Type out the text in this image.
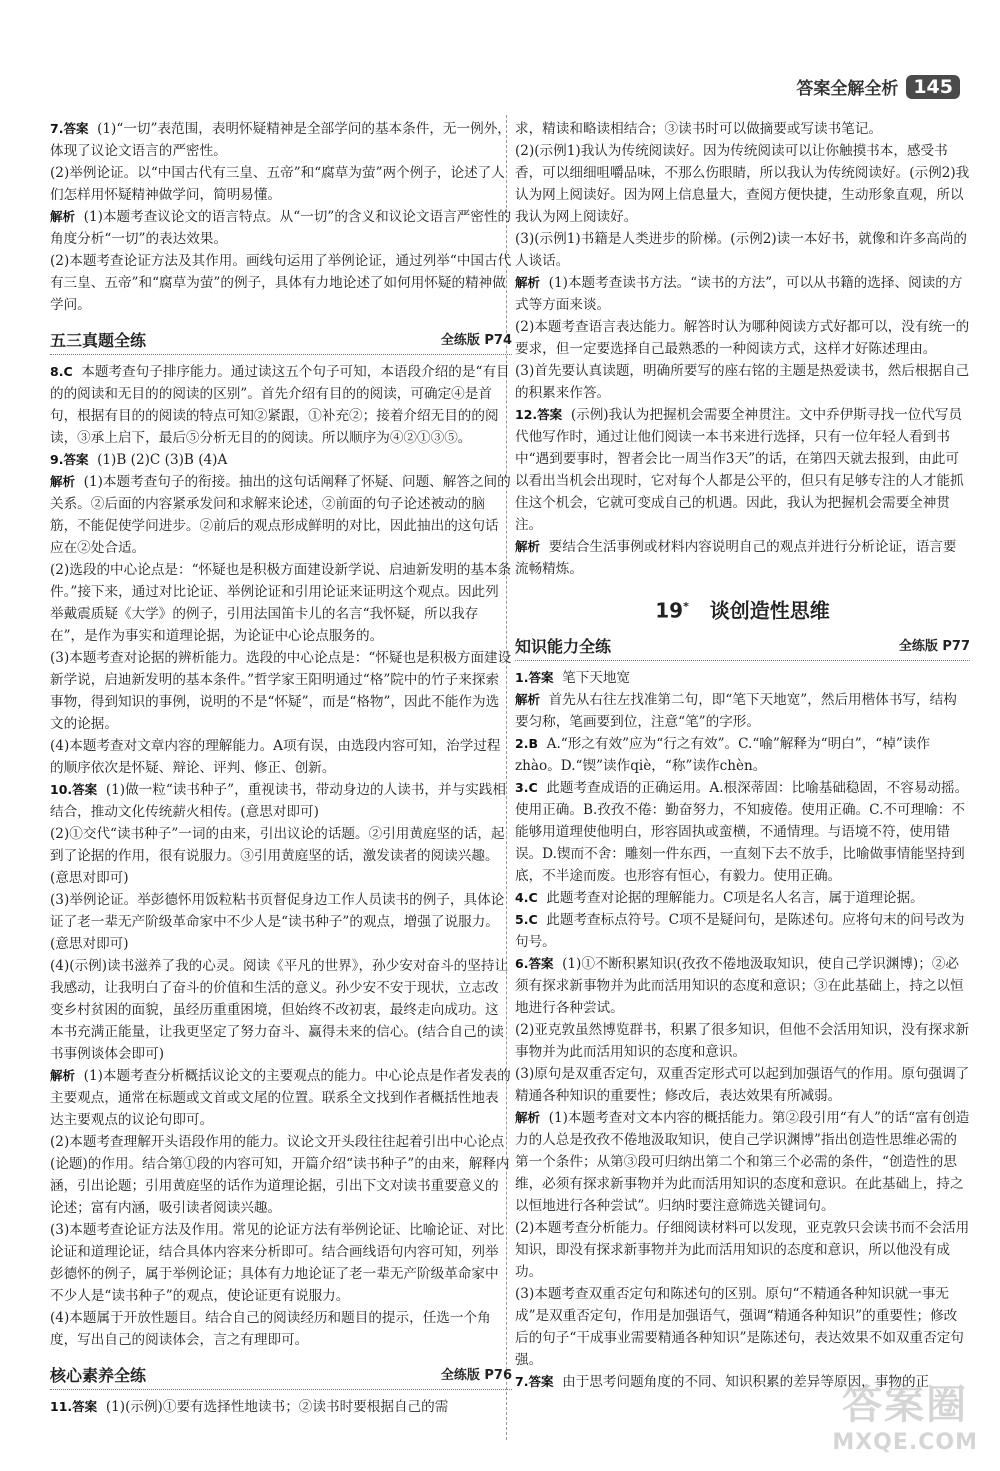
答案全解全析 145

7.答案 (1)“一切”表范围，表明怀疑精神是全部学问的基本条件，无一例外，体现了议论文语言的严密性。

(2)举例论证。以“中国古代有三皇、五帝”和“腐草为萤”两个例子，论述了人们怎样用怀疑精神做学问，简明易懂。

解析 (1)本题考查议论文的语言特点。从“一切”的含义和议论文语言严密性的角度分析“一切”的表达效果。

(2)本题考查论证方法及其作用。画线句运用了举例论证，通过列举“中国古代有三皇、五帝”和“腐草为萤”的例子，具体有力地论述了如何用怀疑的精神做学问。

五三真题全练	全练版 P74

8.C 本题考查句子排序能力。通过读这五个句子可知，本语段介绍的是“有目的的阅读和无目的的阅读的区别”。首先介绍有目的的阅读，可确定④是首句，根据有目的的阅读的特点可知②紧跟，①补充②；接着介绍无目的的阅读，③承上启下，最后⑤分析无目的的阅读。所以顺序为④②①③⑤。

9.答案 (1)B (2)C (3)B (4)A

解析 (1)本题考查句子的衔接。抽出的这句话阐释了怀疑、问题、解答之间的关系。②后面的内容紧承发问和求解来论述，②前面的句子论述被动的脑筋，不能促使学问进步。②前后的观点形成鲜明的对比，因此抽出的这句话应在②处合适。

(2)选段的中心论点是：“怀疑也是积极方面建设新学说、启迪新发明的基本条件。”接下来，通过对比论证、举例论证和引用论证来证明这个观点。因此列举戴震质疑《大学》的例子，引用法国笛卡儿的名言“我怀疑，所以我存在”，是作为事实和道理论据，为论证中心论点服务的。

(3)本题考查对论据的辨析能力。选段的中心论点是：“怀疑也是积极方面建设新学说，启迪新发明的基本条件。”哲学家王阳明通过“格”院中的竹子来探索事物，得到知识的事例，说明的不是“怀疑”，而是“格物”，因此不能作为选文的论据。

(4)本题考查对文章内容的理解能力。A项有误，由选段内容可知，治学过程的顺序依次是怀疑、辩论、评判、修正、创新。

10.答案 (1)做一粒“读书种子”，重视读书，带动身边的人读书，并与实践相结合，推动文化传统薪火相传。(意思对即可)

(2)①交代“读书种子”一词的由来，引出议论的话题。②引用黄庭坚的话，起到了论据的作用，很有说服力。③引用黄庭坚的话，激发读者的阅读兴趣。(意思对即可)

(3)举例论证。举彭德怀用饭粒粘书页督促身边工作人员读书的例子，具体论证了老一辈无产阶级革命家中不少人是“读书种子”的观点，增强了说服力。(意思对即可)

(4)(示例)读书滋养了我的心灵。阅读《平凡的世界》，孙少安对奋斗的坚持让我感动，让我明白了奋斗的价值和生活的意义。孙少安不安于现状，立志改变乡村贫困的面貌，虽经历重重困境，但始终不改初衷，最终走向成功。这本书充满正能量，让我更坚定了努力奋斗、赢得未来的信心。(结合自己的读书事例谈体会即可)

解析 (1)本题考查分析概括议论文的主要观点的能力。中心论点是作者发表的主要观点，通常在标题或文首或文尾的位置。联系全文找到作者概括性地表达主要观点的议论句即可。

(2)本题考查理解开头语段作用的能力。议论文开头段往往起着引出中心论点(论题)的作用。结合第①段的内容可知，开篇介绍“读书种子”的由来，解释内涵，引出论题；引用黄庭坚的话作为道理论据，引出下文对读书重要意义的论述；富有内涵，吸引读者阅读兴趣。

(3)本题考查论证方法及作用。常见的论证方法有举例论证、比喻论证、对比论证和道理论证，结合具体内容来分析即可。结合画线语句内容可知，列举彭德怀的例子，属于举例论证；具体有力地论证了老一辈无产阶级革命家中不少人是“读书种子”的观点，使论证更有说服力。

(4)本题属于开放性题目。结合自己的阅读经历和题目的提示，任选一个角度，写出自己的阅读体会，言之有理即可。

核心素养全练	全练版 P76

11.答案 (1)(示例)①要有选择性地读书；②读书时要根据自己的需

求，精读和略读相结合；③读书时可以做摘要或写读书笔记。

(2)(示例1)我认为传统阅读好。因为传统阅读可以让你触摸书本，感受书香，可以细细咀嚼品味，不那么伤眼睛，所以我认为传统阅读好。(示例2)我认为网上阅读好。因为网上信息量大，查阅方便快捷，生动形象直观，所以我认为网上阅读好。

(3)(示例1)书籍是人类进步的阶梯。(示例2)读一本好书，就像和许多高尚的人谈话。

解析 (1)本题考查读书方法。“读书的方法”，可以从书籍的选择、阅读的方式等方面来谈。

(2)本题考查语言表达能力。解答时认为哪种阅读方式好都可以，没有统一的要求，但一定要选择自己最熟悉的一种阅读方式，这样才好陈述理由。

(3)首先要认真读题，明确所要写的座右铭的主题是热爱读书，然后根据自己的积累来作答。

12.答案 (示例)我认为把握机会需要全神贯注。文中乔伊斯寻找一位代写员代他写作时，通过让他们阅读一本书来进行选择，只有一位年轻人看到书中“遇到要事时，智者会比一周当作3天”的话，在第四天就去报到，由此可以看出当机会出现时，它对每个人都是公平的，但只有足够专注的人才能抓住这个机会，它就可变成自己的机遇。因此，我认为把握机会需要全神贯注。

解析 要结合生活事例或材料内容说明自己的观点并进行分析论证，语言要流畅精炼。

19* 谈创造性思维
知识能力全练	全练版 P77

1.答案 笔下天地宽

解析 首先从右往左找准第二句，即“笔下天地宽”，然后用楷体书写，结构要匀称，笔画要到位，注意“笔”的字形。

2.B A.“形之有效”应为“行之有效”。C.“喻”解释为“明白”，“棹”读作zhào。D.“锲”读作qiè，“称”读作chèn。

3.C 此题考查成语的正确运用。A.根深蒂固：比喻基础稳固，不容易动摇。使用正确。B.孜孜不倦：勤奋努力，不知疲倦。使用正确。C.不可理喻：不能够用道理使他明白，形容固执或蛮横，不通情理。与语境不符，使用错误。D.锲而不舍：雕刻一件东西，一直刻下去不放手，比喻做事情能坚持到底，不半途而废。也形容有恒心，有毅力。使用正确。

4.C 此题考查对论据的理解能力。C项是名人名言，属于道理论据。

5.C 此题考查标点符号。C项不是疑问句，是陈述句。应将句末的问号改为句号。

6.答案 (1)①不断积累知识(孜孜不倦地汲取知识，使自己学识渊博)；②必须有探求新事物并为此而活用知识的态度和意识；③在此基础上，持之以恒地进行各种尝试。

(2)亚克敦虽然博览群书，积累了很多知识，但他不会活用知识，没有探求新事物并为此而活用知识的态度和意识。

(3)原句是双重否定句，双重否定形式可以起到加强语气的作用。原句强调了精通各种知识的重要性；修改后，表达效果有所减弱。

解析 (1)本题考查对文本内容的概括能力。第②段引用“有人”的话“富有创造力的人总是孜孜不倦地汲取知识，使自己学识渊博”指出创造性思维必需的第一个条件；从第③段可归纳出第二个和第三个必需的条件，“创造性的思维，必须有探求新事物并为此而活用知识的态度和意识。在此基础上，持之以恒地进行各种尝试”。归纳时要注意筛选关键词句。

(2)本题考查分析能力。仔细阅读材料可以发现，亚克敦只会读书而不会活用知识，即没有探求新事物并为此而活用知识的态度和意识，所以他没有成功。

(3)本题考查双重否定句和陈述句的区别。原句“不精通各种知识就一事无成”是双重否定句，作用是加强语气，强调“精通各种知识”的重要性；修改后的句子“干成事业需要精通各种知识”是陈述句，表达效果不如双重否定句强。

7.答案 由于思考问题角度的不同、知识积累的差异等原因，事物的正

答案圈
MXQE.COM
